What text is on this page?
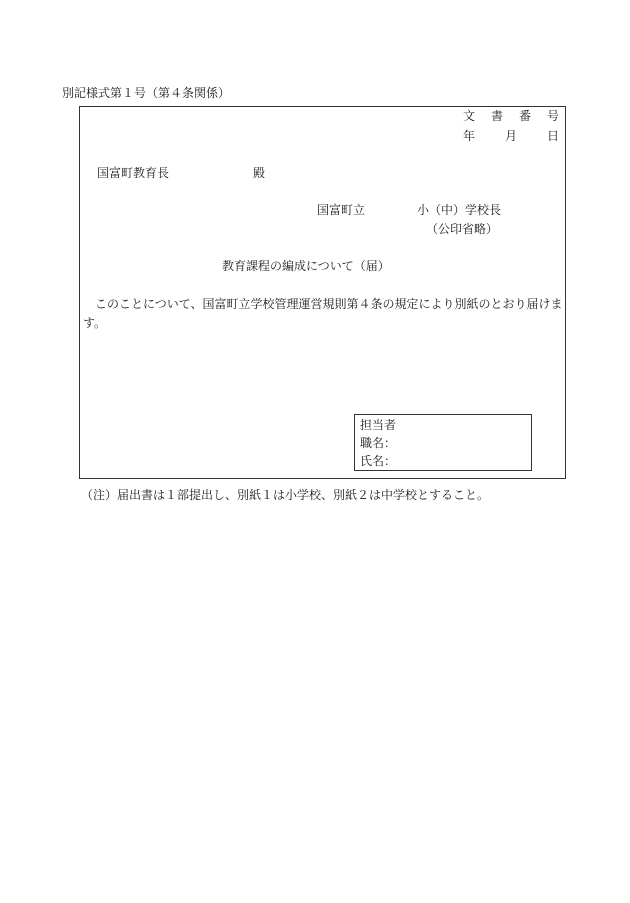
別記様式第１号（第４条関係）
文 書 番 号
年 月 日
国富町教育長	殿
国富町立	小（中）学校長
（公印省略）
教育課程の編成について（届）
このことについて、国富町立学校管理運営規則第４条の規定により別紙のとおり届けます。
担当者
職名：
氏名：
（注）届出書は１部提出し、別紙１は小学校、別紙２は中学校とすること。
